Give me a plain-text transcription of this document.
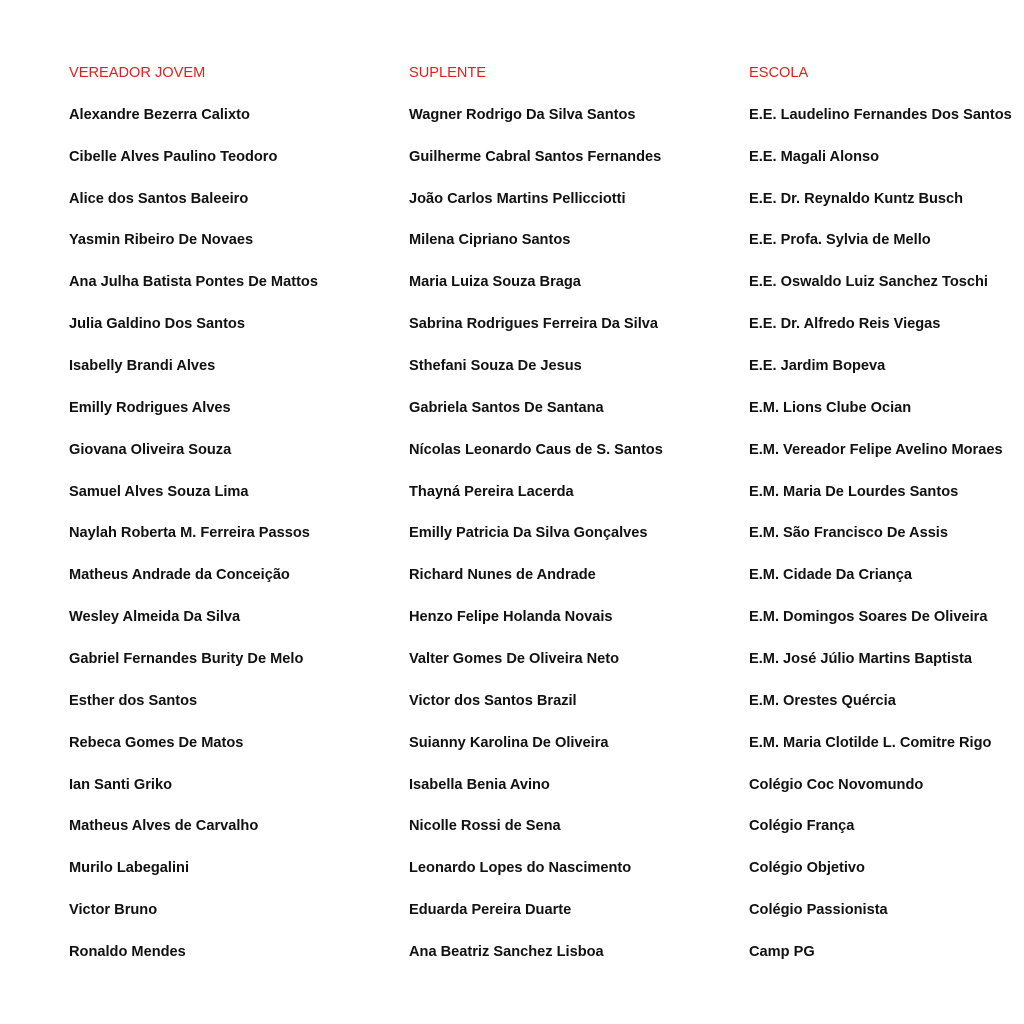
VEREADOR JOVEM	SUPLENTE	ESCOLA
Alexandre Bezerra Calixto	Wagner Rodrigo Da Silva Santos	E.E. Laudelino Fernandes Dos Santos
Cibelle Alves Paulino Teodoro	Guilherme Cabral Santos Fernandes	E.E. Magali Alonso
Alice dos Santos Baleeiro	João Carlos Martins Pellicciotti	E.E. Dr. Reynaldo Kuntz Busch
Yasmin Ribeiro De Novaes	Milena Cipriano Santos	E.E. Profa. Sylvia de Mello
Ana Julha Batista Pontes De Mattos	Maria Luiza Souza Braga	E.E. Oswaldo Luiz Sanchez Toschi
Julia Galdino Dos Santos	Sabrina Rodrigues Ferreira Da Silva	E.E. Dr. Alfredo Reis Viegas
Isabelly Brandi Alves	Sthefani Souza De Jesus	E.E. Jardim Bopeva
Emilly Rodrigues Alves	Gabriela Santos De Santana	E.M. Lions Clube Ocian
Giovana Oliveira Souza	Nícolas Leonardo Caus de S. Santos	E.M. Vereador Felipe Avelino Moraes
Samuel Alves Souza Lima	Thayná Pereira Lacerda	E.M. Maria De Lourdes Santos
Naylah Roberta M. Ferreira Passos	Emilly Patricia Da Silva Gonçalves	E.M. São Francisco De Assis
Matheus Andrade da Conceição	Richard Nunes de Andrade	E.M. Cidade Da Criança
Wesley Almeida Da Silva	Henzo Felipe Holanda Novais	E.M. Domingos Soares De Oliveira
Gabriel Fernandes Burity De Melo	Valter Gomes De Oliveira Neto	E.M. José Júlio Martins Baptista
Esther dos Santos	Victor dos Santos Brazil	E.M. Orestes Quércia
Rebeca Gomes De Matos	Suianny Karolina De Oliveira	E.M. Maria Clotilde L. Comitre Rigo
Ian Santi Griko	Isabella Benia Avino	Colégio Coc Novomundo
Matheus Alves de Carvalho	Nicolle Rossi de Sena	Colégio França
Murilo Labegalini	Leonardo Lopes do Nascimento	Colégio Objetivo
Victor Bruno	Eduarda Pereira Duarte	Colégio Passionista
Ronaldo Mendes	Ana Beatriz Sanchez Lisboa	Camp PG
